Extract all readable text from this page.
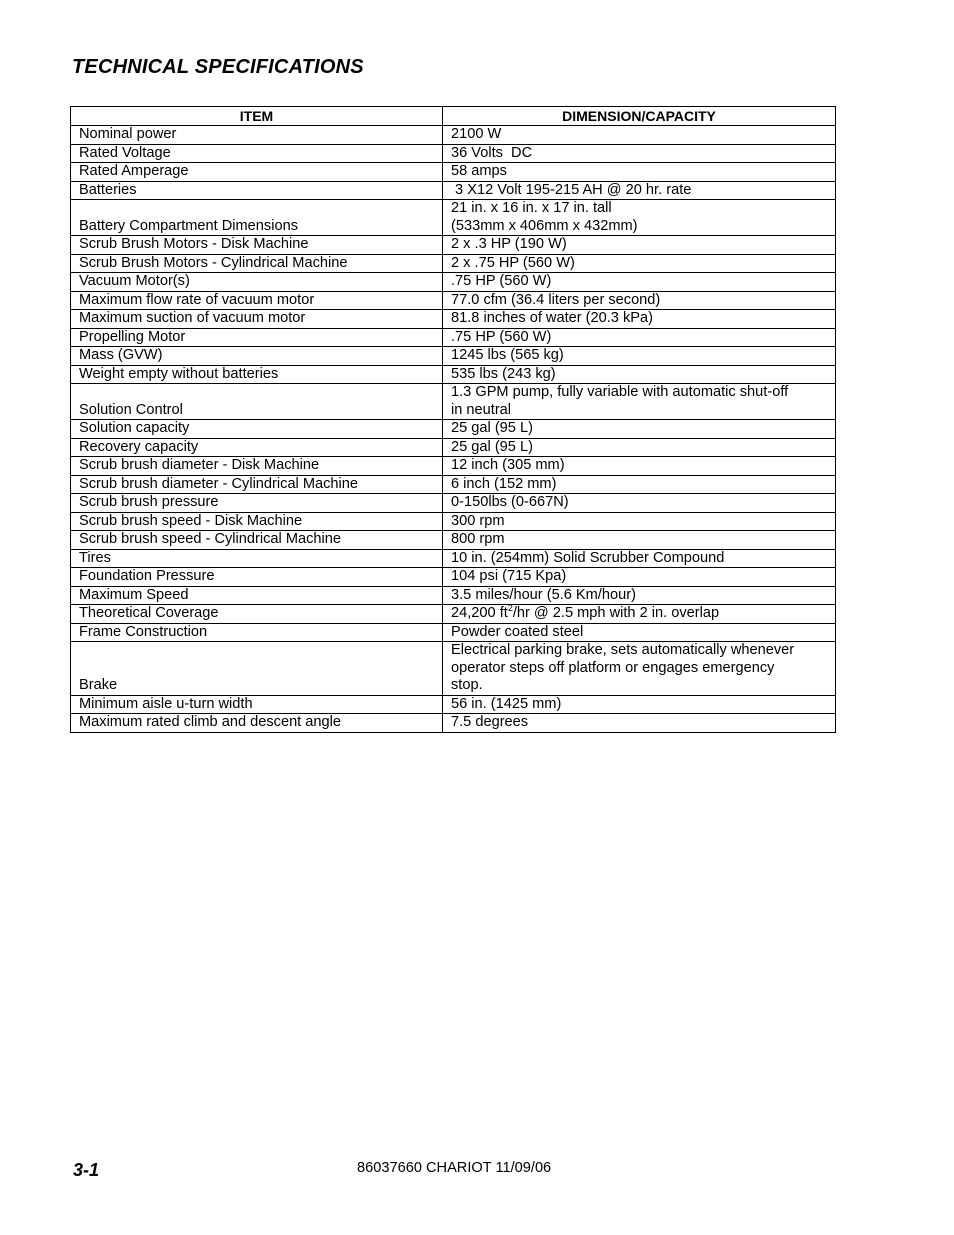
TECHNICAL SPECIFICATIONS
ITEM	DIMENSION/CAPACITY
Nominal power	2100 W
Rated Voltage	36 Volts  DC
Rated Amperage	58 amps
Batteries	3 X12 Volt 195-215 AH @ 20 hr. rate
Battery Compartment Dimensions	21 in. x 16 in. x 17 in. tall
(533mm x 406mm x 432mm)

Scrub Brush Motors - Disk Machine	2 x .3 HP (190 W)
Scrub Brush Motors - Cylindrical Machine	2 x .75 HP (560 W)
Vacuum Motor(s)	.75 HP (560 W)
Maximum flow rate of vacuum motor	77.0 cfm (36.4 liters per second)
Maximum suction of vacuum motor	81.8 inches of water (20.3 kPa)
Propelling Motor	.75 HP (560 W)
Mass (GVW)	1245 lbs (565 kg)
Weight empty without batteries	535 lbs (243 kg)
Solution Control	1.3 GPM pump, fully variable with automatic shut-off
in neutral

Solution capacity	25 gal (95 L)
Recovery capacity	25 gal (95 L)
Scrub brush diameter - Disk Machine	12 inch (305 mm)
Scrub brush diameter - Cylindrical Machine	6 inch (152 mm)
Scrub brush pressure	0-150lbs (0-667N)
Scrub brush speed - Disk Machine	300 rpm
Scrub brush speed - Cylindrical Machine	800 rpm
Tires	10 in. (254mm) Solid Scrubber Compound
Foundation Pressure	104 psi (715 Kpa)
Maximum Speed	3.5 miles/hour (5.6 Km/hour)
Theoretical Coverage	24,200 $ft^2/hr$ @ 2.5 mph with 2 in. overlap
Frame Construction	Powder coated steel
Brake	Electrical parking brake, sets automatically whenever
operator steps off platform or engages emergency
stop.

Minimum aisle u-turn width	56 in. (1425 mm)
Maximum rated climb and descent angle	7.5 degrees
3-1	86037660 CHARIOT 11/09/06
